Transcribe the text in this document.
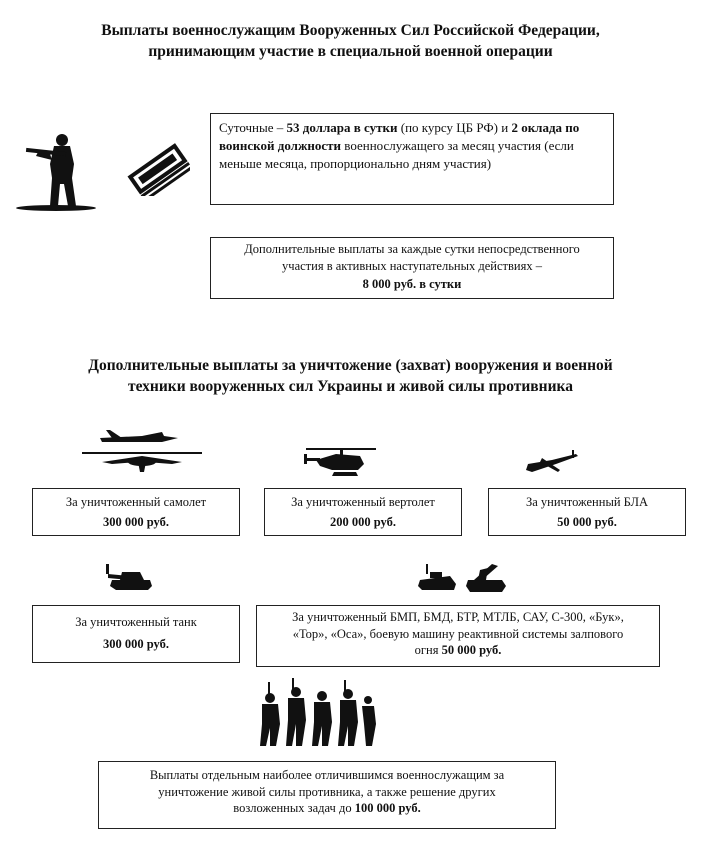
Выплаты военнослужащим Вооруженных Сил Российской Федерации,
принимающим участие в специальной военной операции

Суточные – 53 доллара в сутки (по курсу ЦБ РФ) и 2 оклада по воинской должности военнослужащего за месяц участия (если меньше месяца, пропорционально дням участия)

Дополнительные выплаты за каждые сутки непосредственного
участия в активных наступательных действиях –
8 000 руб. в сутки
Дополнительные выплаты за уничтожение (захват) вооружения и военной
техники вооруженных сил Украины и живой силы противника
За уничтоженный самолет
300 000 руб.
За уничтоженный вертолет
200 000 руб.
За уничтоженный БЛА
50 000 руб.
За уничтоженный танк
300 000 руб.
За уничтоженный БМП, БМД, БТР, МТЛБ, САУ, С-300, «Бук»,
«Тор», «Оса», боевую машину реактивной системы залпового
огня 50 000 руб.
Выплаты отдельным наиболее отличившимся военнослужащим за
уничтожение живой силы противника, а также решение других
возложенных задач до 100 000 руб.
